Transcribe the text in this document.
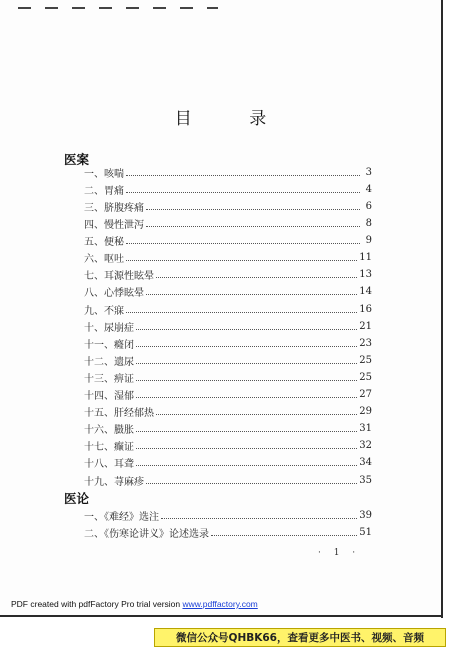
目 录
医案
一、咳喘	3
二、胃痛	4
三、脐腹疼痛	6
四、慢性泄泻	8
五、便秘	9
六、呕吐	11
七、耳源性眩晕	13
八、心悸眩晕	14
九、不寐	16
十、尿崩症	21
十一、癃闭	23
十二、遗尿	25
十三、痹证	25
十四、湿郁	27
十五、肝经郁热	29
十六、臌胀	31
十七、癫证	32
十八、耳聋	34
十九、荨麻疹	35
医论
一、《难经》选注	39
二、《伤寒论讲义》论述选录	51
· 1 ·
PDF created with pdfFactory Pro trial version www.pdffactory.com
微信公众号QHBK66，查看更多中医书、视频、音频
